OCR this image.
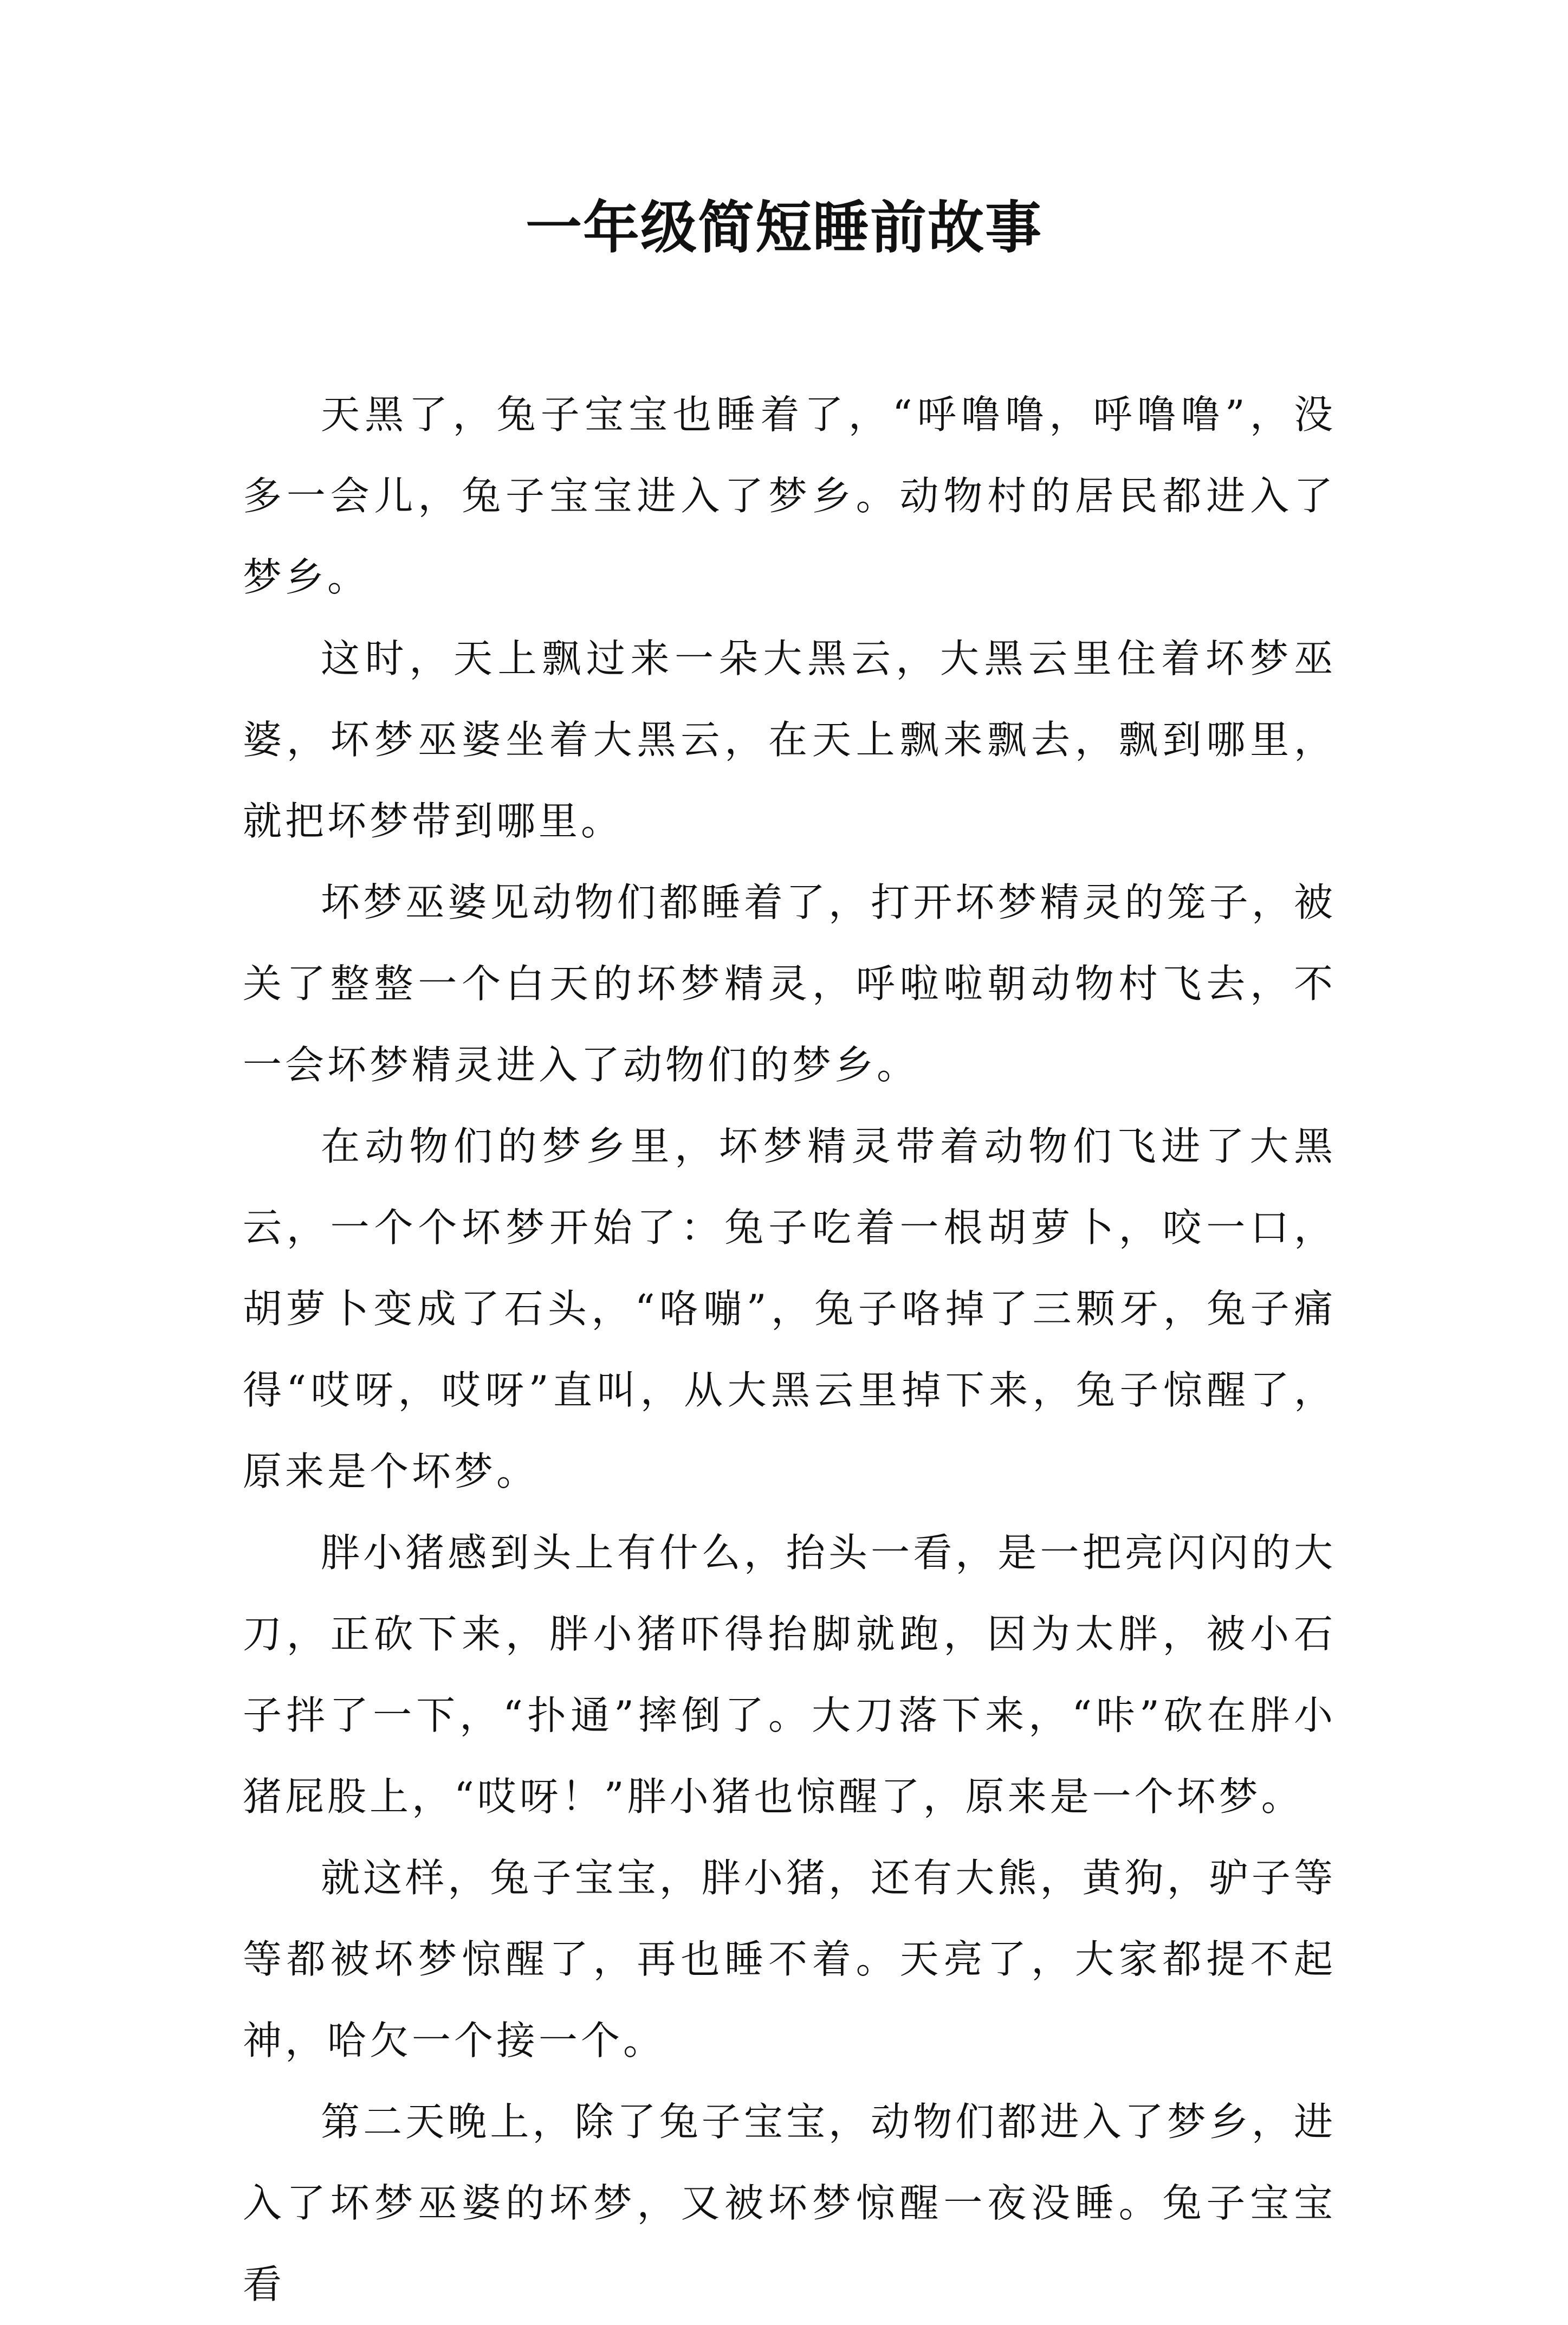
一年级简短睡前故事

天黑了，兔子宝宝也睡着了，“呼噜噜，呼噜噜”，没多一会儿，兔子宝宝进入了梦乡。动物村的居民都进入了梦乡。

这时，天上飘过来一朵大黑云，大黑云里住着坏梦巫婆，坏梦巫婆坐着大黑云，在天上飘来飘去，飘到哪里，就把坏梦带到哪里。

坏梦巫婆见动物们都睡着了，打开坏梦精灵的笼子，被关了整整一个白天的坏梦精灵，呼啦啦朝动物村飞去，不一会坏梦精灵进入了动物们的梦乡。

在动物们的梦乡里，坏梦精灵带着动物们飞进了大黑云，一个个坏梦开始了：兔子吃着一根胡萝卜，咬一口，胡萝卜变成了石头，“咯嘣”，兔子咯掉了三颗牙，兔子痛得“哎呀，哎呀”直叫，从大黑云里掉下来，兔子惊醒了，原来是个坏梦。

胖小猪感到头上有什么，抬头一看，是一把亮闪闪的大刀，正砍下来，胖小猪吓得抬脚就跑，因为太胖，被小石子拌了一下，“扑通”摔倒了。大刀落下来，“咔”砍在胖小猪屁股上，“哎呀！”胖小猪也惊醒了，原来是一个坏梦。

就这样，兔子宝宝，胖小猪，还有大熊，黄狗，驴子等等都被坏梦惊醒了，再也睡不着。天亮了，大家都提不起神，哈欠一个接一个。

第二天晚上，除了兔子宝宝，动物们都进入了梦乡，进入了坏梦巫婆的坏梦，又被坏梦惊醒一夜没睡。兔子宝宝看
